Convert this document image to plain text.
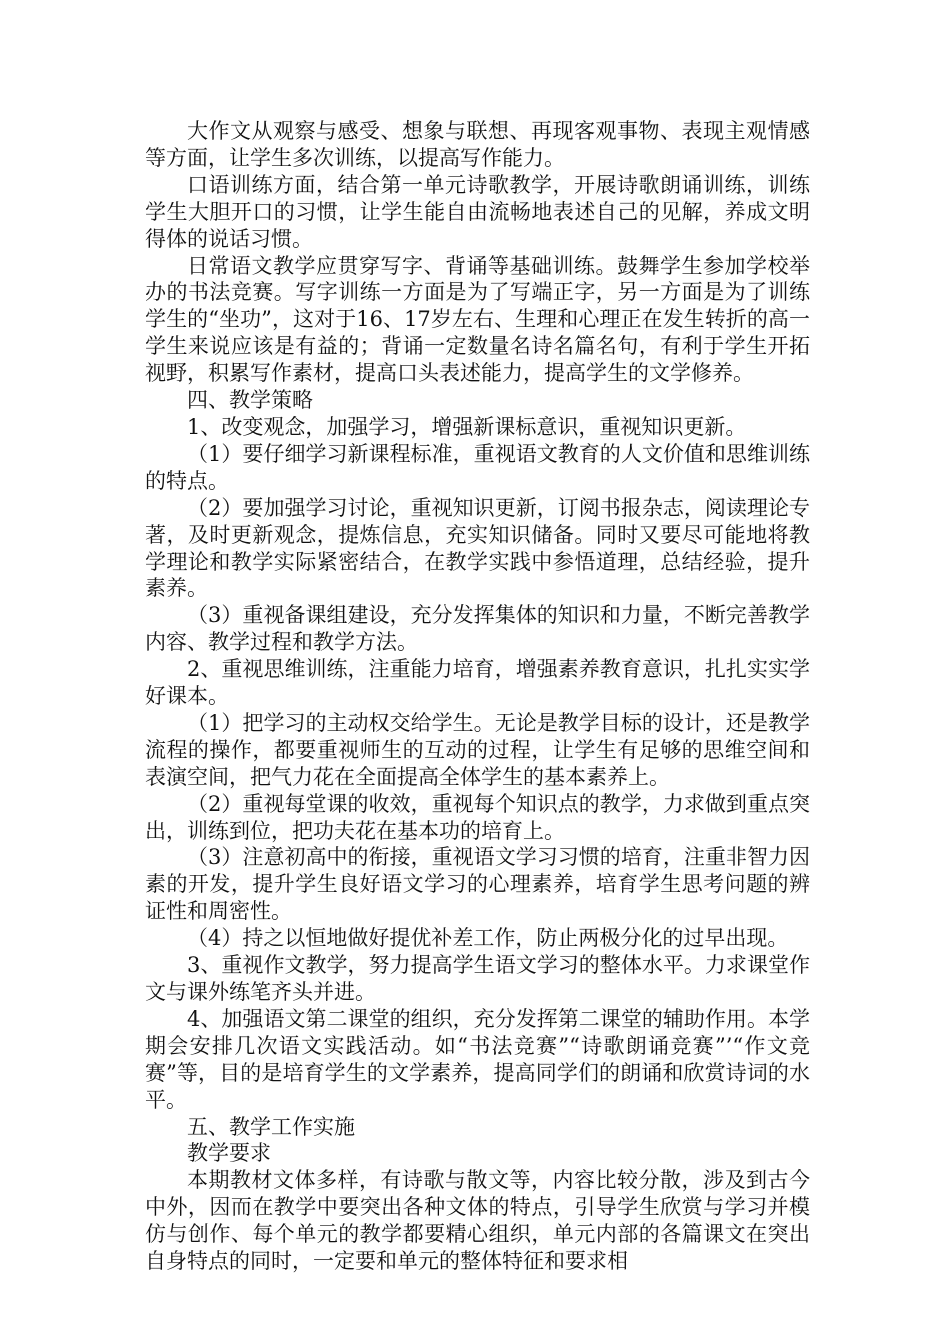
大作文从观察与感受、想象与联想、再现客观事物、表现主观情感等方面，让学生多次训练，以提高写作能力。

口语训练方面，结合第一单元诗歌教学，开展诗歌朗诵训练，训练学生大胆开口的习惯，让学生能自由流畅地表述自己的见解，养成文明得体的说话习惯。

日常语文教学应贯穿写字、背诵等基础训练。鼓舞学生参加学校举办的书法竞赛。写字训练一方面是为了写端正字，另一方面是为了训练学生的“坐功”，这对于16、17岁左右、生理和心理正在发生转折的高一学生来说应该是有益的；背诵一定数量名诗名篇名句，有利于学生开拓视野，积累写作素材，提高口头表述能力，提高学生的文学修养。

四、教学策略

1、改变观念，加强学习，增强新课标意识，重视知识更新。

（1）要仔细学习新课程标准，重视语文教育的人文价值和思维训练的特点。

（2）要加强学习讨论，重视知识更新，订阅书报杂志，阅读理论专著，及时更新观念，提炼信息，充实知识储备。同时又要尽可能地将教学理论和教学实际紧密结合，在教学实践中参悟道理，总结经验，提升素养。

（3）重视备课组建设，充分发挥集体的知识和力量，不断完善教学内容、教学过程和教学方法。

2、重视思维训练，注重能力培育，增强素养教育意识，扎扎实实学好课本。

（1）把学习的主动权交给学生。无论是教学目标的设计，还是教学流程的操作，都要重视师生的互动的过程，让学生有足够的思维空间和表演空间，把气力花在全面提高全体学生的基本素养上。

（2）重视每堂课的收效，重视每个知识点的教学，力求做到重点突出，训练到位，把功夫花在基本功的培育上。

（3）注意初高中的衔接，重视语文学习习惯的培育，注重非智力因素的开发，提升学生良好语文学习的心理素养，培育学生思考问题的辨证性和周密性。

（4）持之以恒地做好提优补差工作，防止两极分化的过早出现。

3、重视作文教学，努力提高学生语文学习的整体水平。力求课堂作文与课外练笔齐头并进。

4、加强语文第二课堂的组织，充分发挥第二课堂的辅助作用。本学期会安排几次语文实践活动。如“书法竞赛”“诗歌朗诵竞赛”’“作文竞赛”等，目的是培育学生的文学素养，提高同学们的朗诵和欣赏诗词的水平。

五、教学工作实施

教学要求

本期教材文体多样，有诗歌与散文等，内容比较分散，涉及到古今中外，因而在教学中要突出各种文体的特点，引导学生欣赏与学习并模仿与创作、每个单元的教学都要精心组织，单元内部的各篇课文在突出自身特点的同时，一定要和单元的整体特征和要求相
